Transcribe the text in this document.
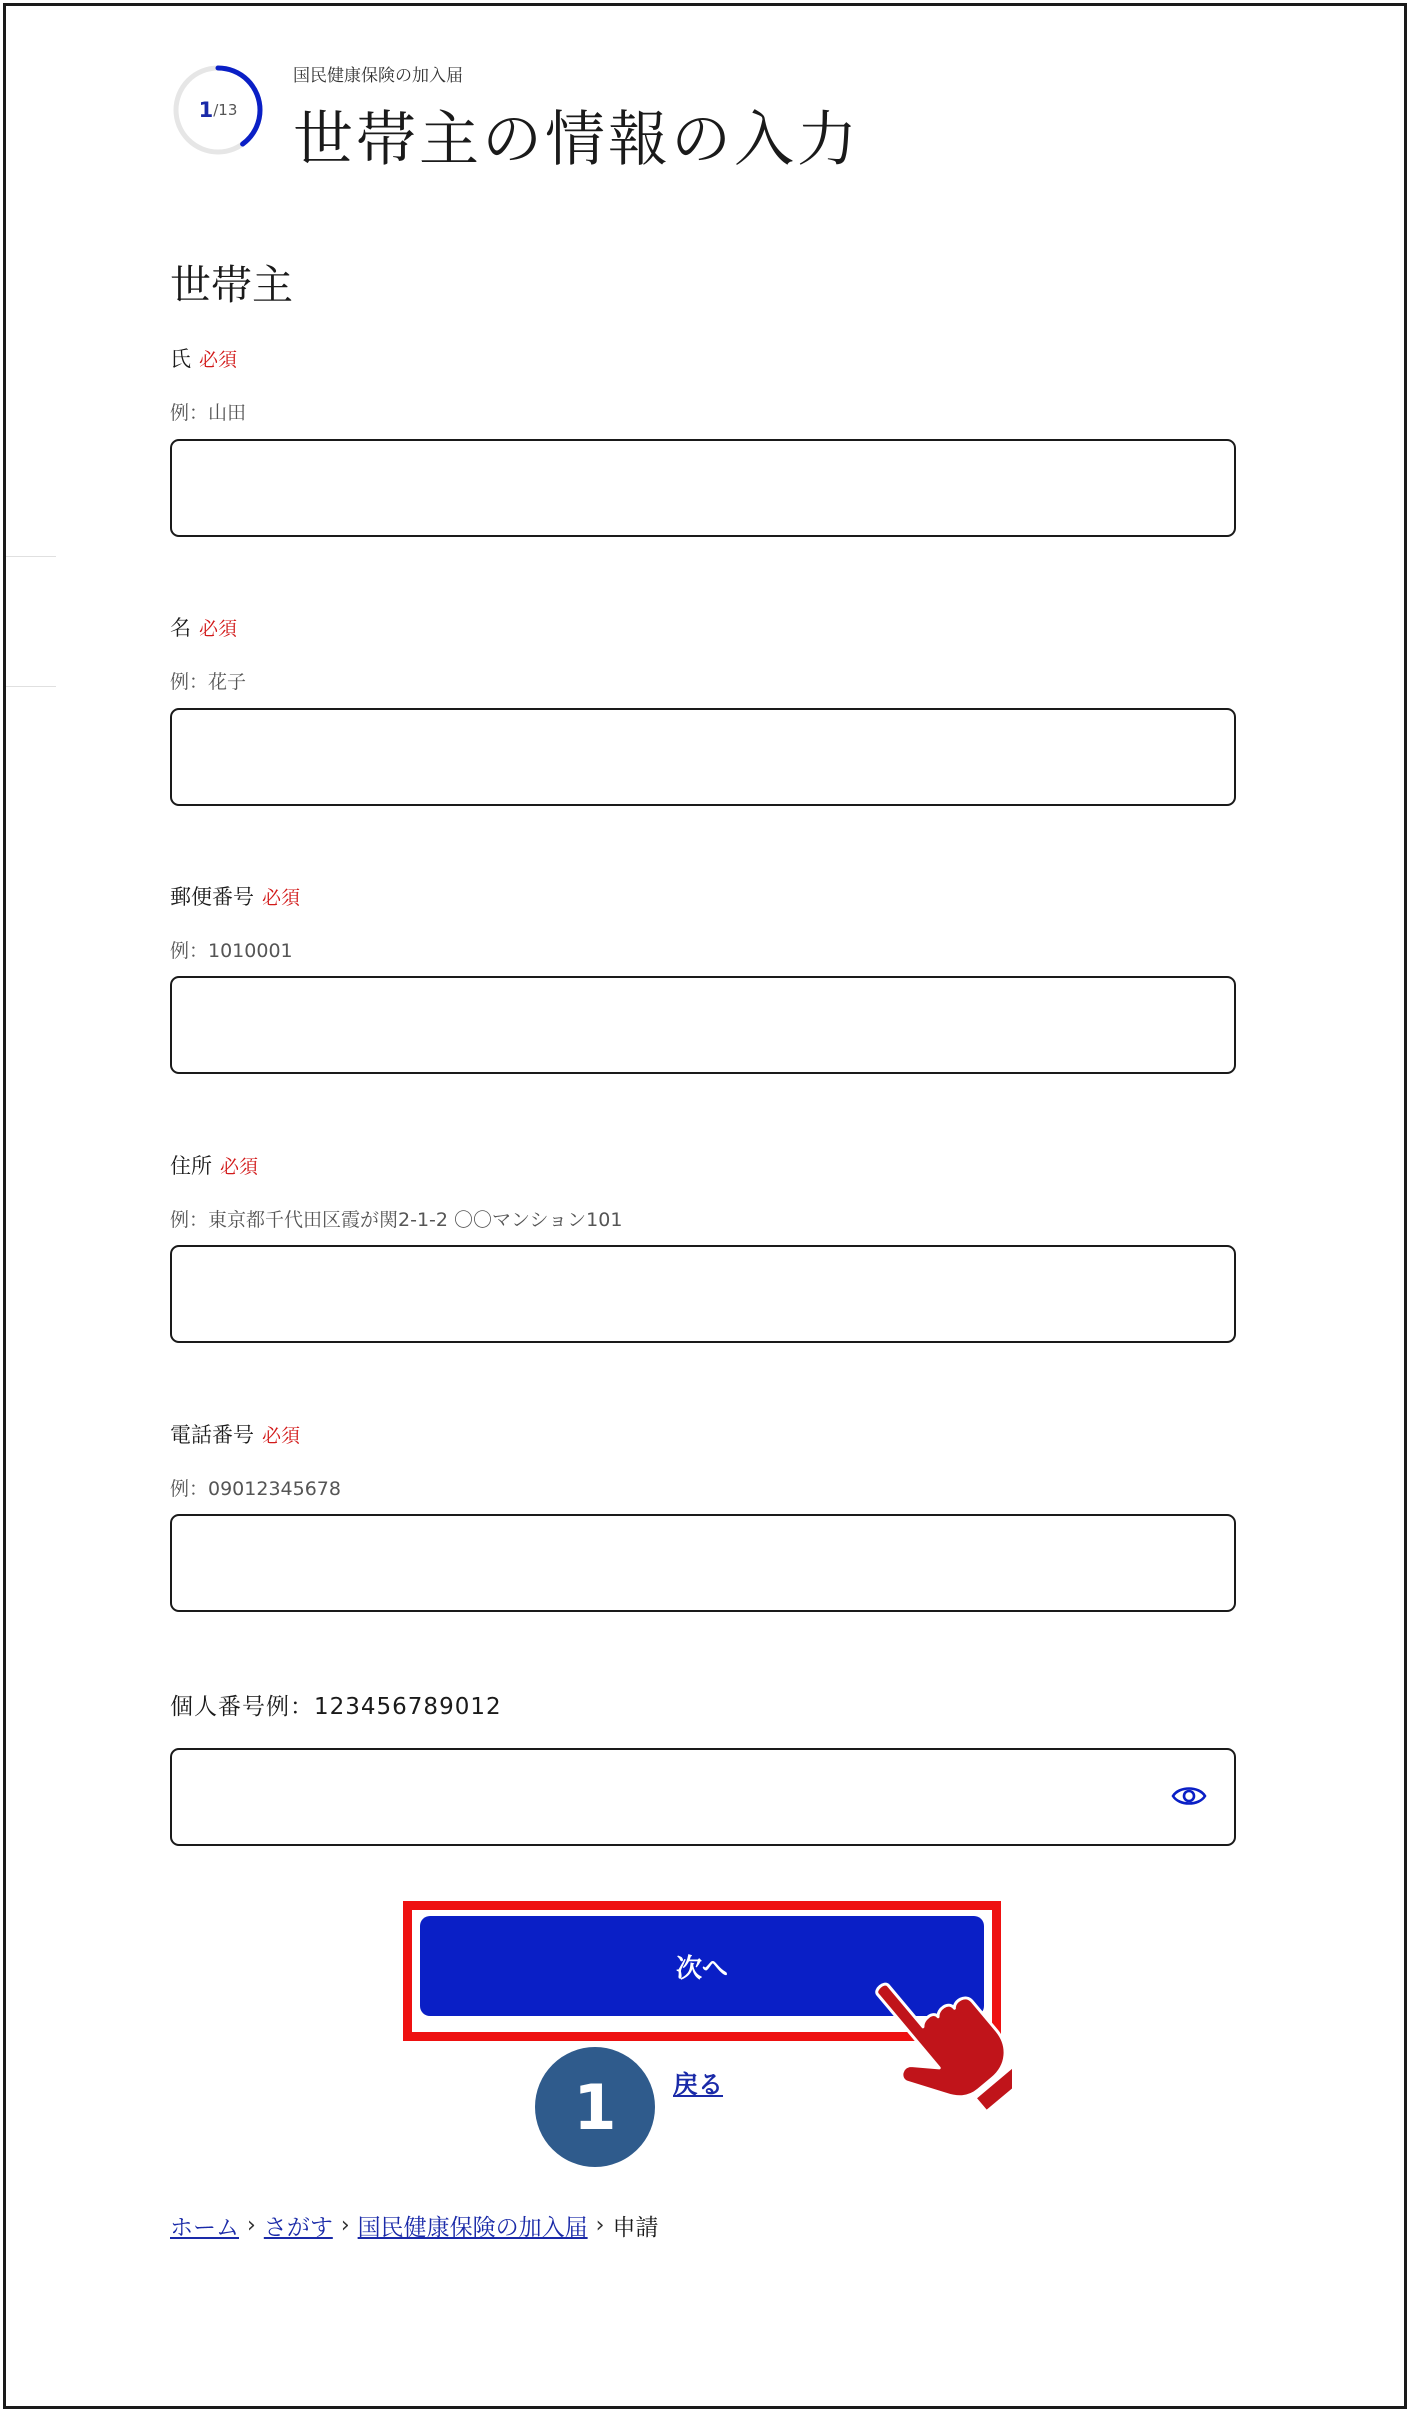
1 /13
国民健康保険の加入届
世帯主の情報の入力
世帯主
氏 必須
例：山田
名 必須
例：花子
郵便番号 必須
例：1010001
住所 必須
例：東京都千代田区霞が関2-1-2 〇〇マンション101
電話番号 必須
例：09012345678
個人番号例：123456789012
次へ
1	戻る
ホーム › さがす › 国民健康保険の加入届 › 申請
